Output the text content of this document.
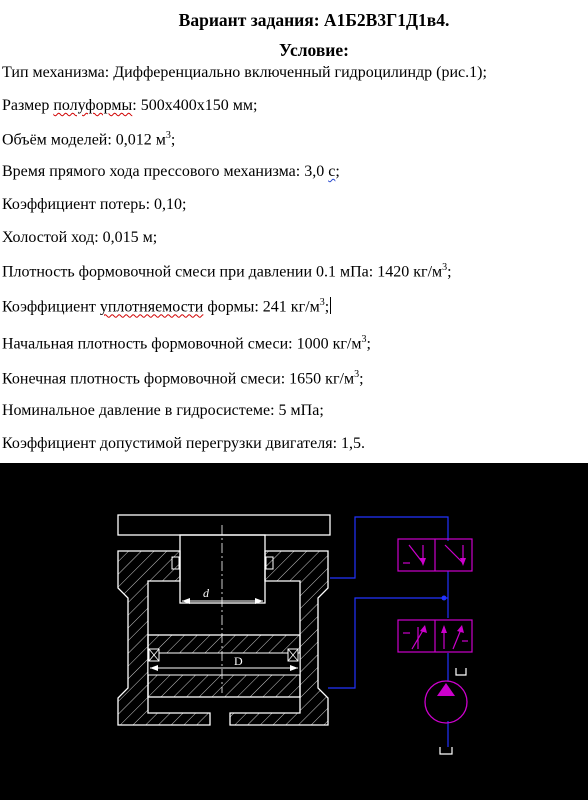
Вариант задания: А1Б2В3Г1Д1в4.
Условие:
Тип механизма: Дифференциально включенный гидроцилиндр (рис.1);
Размер полуформы: 500x400x150 мм;
Объём моделей: 0,012 $м^3$;
Время прямого хода прессового механизма: 3,0 с;
Коэффициент потерь: 0,10;
Холостой ход: 0,015 м;
Плотность формовочной смеси при давлении 0.1 мПа: 1420 $кг/м^3$;
Коэффициент уплотняемости формы: 241 $кг/м^3$;
Начальная плотность формовочной смеси: 1000 $кг/м^3$;
Конечная плотность формовочной смеси: 1650 $кг/м^3$;
Номинальное давление в гидросистеме: 5 мПа;
Коэффициент допустимой перегрузки двигателя: 1,5.
d
D
